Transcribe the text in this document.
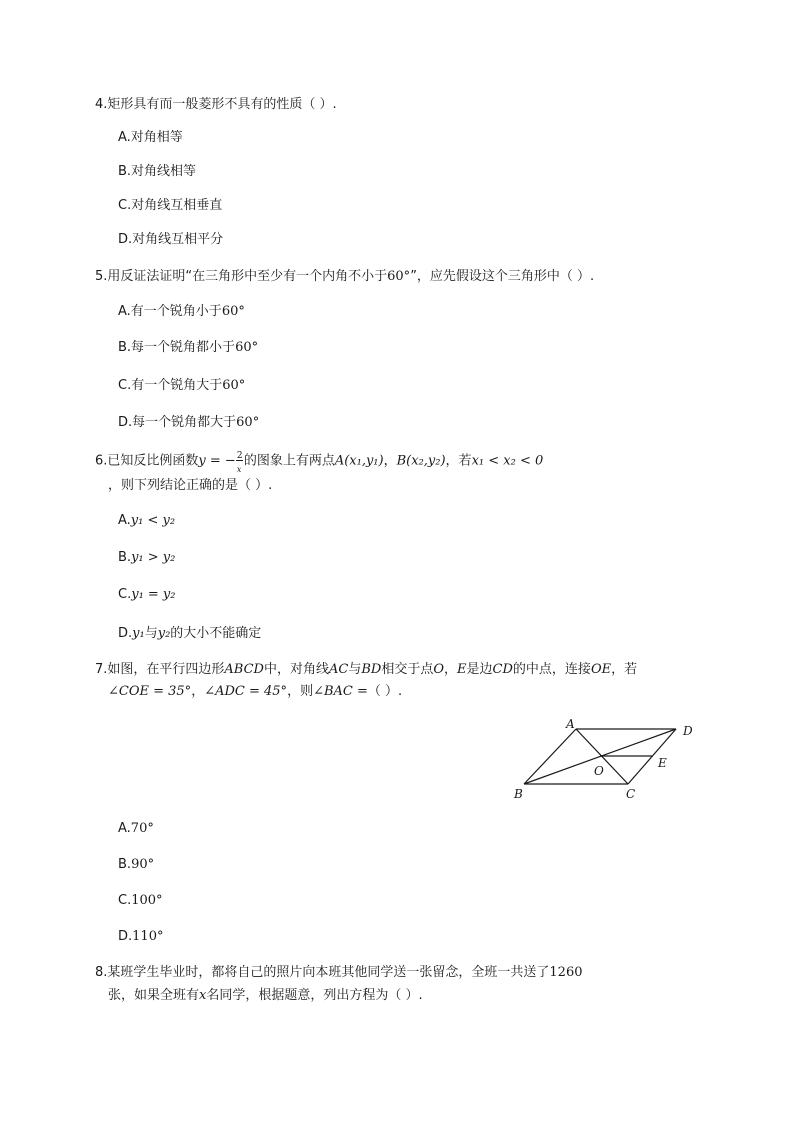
4.矩形具有而一般菱形不具有的性质（ ）.
A.对角相等
B.对角线相等
C.对角线互相垂直
D.对角线互相平分
5.用反证法证明“在三角形中至少有一个内角不小于60°”，应先假设这个三角形中（ ）.
A.有一个锐角小于60°
B.每一个锐角都小于60°
C.有一个锐角大于60°
D.每一个锐角都大于60°
6.已知反比例函数y = − $\frac{2}{x}$ 的图象上有两点A(x₁,y₁)，B(x₂,y₂)，若x₁ < x₂ < 0
，则下列结论正确的是（ ）.
A.y₁ < y₂
B.y₁ > y₂
C.y₁ = y₂
D.y₁与y₂的大小不能确定
7.如图，在平行四边形ABCD中，对角线AC与BD相交于点O，E是边CD的中点，连接OE，若
∠COE = 35°，∠ADC = 45°，则∠BAC =（ ）.
A	D
B	C
O
E
A.70°
B.90°
C.100°
D.110°
8.某班学生毕业时，都将自己的照片向本班其他同学送一张留念，全班一共送了1260
张，如果全班有x名同学，根据题意，列出方程为（ ）.
